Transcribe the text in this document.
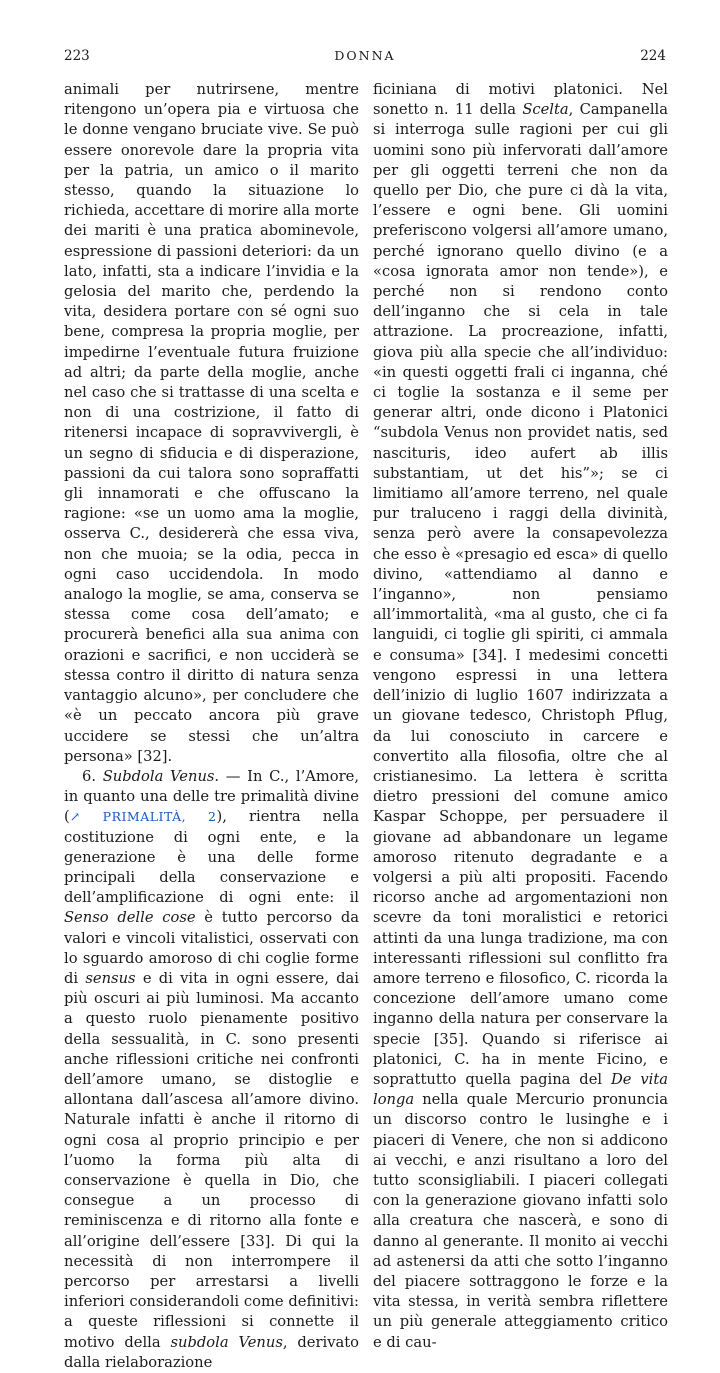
223	DONNA	224

animali per nutrirsene, mentre ritengono un’opera pia e virtuosa che le donne vengano bruciate vive. Se può essere onorevole dare la propria vita per la patria, un amico o il marito stesso, quando la situazione lo richieda, accettare di morire alla morte dei mariti è una pratica abominevole, espressione di passioni deteriori: da un lato, infatti, sta a indicare l’invidia e la gelosia del marito che, perdendo la vita, desidera portare con sé ogni suo bene, compresa la propria moglie, per impedirne l’eventuale futura fruizione ad altri; da parte della moglie, anche nel caso che si trattasse di una scelta e non di una costrizione, il fatto di ritenersi incapace di sopravvivergli, è un segno di sfiducia e di disperazione, passioni da cui talora sono sopraffatti gli innamorati e che offuscano la ragione: «se un uomo ama la moglie, osserva C., desidererà che essa viva, non che muoia; se la odia, pecca in ogni caso uccidendola. In modo analogo la moglie, se ama, conserva se stessa come cosa dell’amato; e procurerà benefici alla sua anima con orazioni e sacrifici, e non ucciderà se stessa contro il diritto di natura senza vantaggio alcuno», per concludere che «è un peccato ancora più grave uccidere se stessi che un’altra persona» [32].

6. Subdola Venus. — In C., l’Amore, in quanto una delle tre primalità divine (↗ PRIMALITÀ, 2), rientra nella costituzione di ogni ente, e la generazione è una delle forme principali della conservazione e dell’amplificazione di ogni ente: il Senso delle cose è tutto percorso da valori e vincoli vitalistici, osservati con lo sguardo amoroso di chi coglie forme di sensus e di vita in ogni essere, dai più oscuri ai più luminosi. Ma accanto a questo ruolo pienamente positivo della sessualità, in C. sono presenti anche riflessioni critiche nei confronti dell’amore umano, se distoglie e allontana dall’ascesa all’amore divino. Naturale infatti è anche il ritorno di ogni cosa al proprio principio e per l’uomo la forma più alta di conservazione è quella in Dio, che consegue a un processo di reminiscenza e di ritorno alla fonte e all’origine dell’essere [33]. Di qui la necessità di non interrompere il percorso per arrestarsi a livelli inferiori considerandoli come definitivi: a queste riflessioni si connette il motivo della subdola Venus, derivato dalla rielaborazione

ficiniana di motivi platonici. Nel sonetto n. 11 della Scelta, Campanella si interroga sulle ragioni per cui gli uomini sono più infervorati dall’amore per gli oggetti terreni che non da quello per Dio, che pure ci dà la vita, l’essere e ogni bene. Gli uomini preferiscono volgersi all’amore umano, perché ignorano quello divino (e a «cosa ignorata amor non tende»), e perché non si rendono conto dell’inganno che si cela in tale attrazione. La procreazione, infatti, giova più alla specie che all’individuo: «in questi oggetti frali ci inganna, ché ci toglie la sostanza e il seme per generar altri, onde dicono i Platonici “subdola Venus non providet natis, sed nascituris, ideo aufert ab illis substantiam, ut det his”»; se ci limitiamo all’amore terreno, nel quale pur traluceno i raggi della divinità, senza però avere la consapevolezza che esso è «presagio ed esca» di quello divino, «attendiamo al danno e l’inganno», non pensiamo all’immortalità, «ma al gusto, che ci fa languidi, ci toglie gli spiriti, ci ammala e consuma» [34]. I medesimi concetti vengono espressi in una lettera dell’inizio di luglio 1607 indirizzata a un giovane tedesco, Christoph Pflug, da lui conosciuto in carcere e convertito alla filosofia, oltre che al cristianesimo. La lettera è scritta dietro pressioni del comune amico Kaspar Schoppe, per persuadere il giovane ad abbandonare un legame amoroso ritenuto degradante e a volgersi a più alti propositi. Facendo ricorso anche ad argomentazioni non scevre da toni moralistici e retorici attinti da una lunga tradizione, ma con interessanti riflessioni sul conflitto fra amore terreno e filosofico, C. ricorda la concezione dell’amore umano come inganno della natura per conservare la specie [35]. Quando si riferisce ai platonici, C. ha in mente Ficino, e soprattutto quella pagina del De vita longa nella quale Mercurio pronuncia un discorso contro le lusinghe e i piaceri di Venere, che non si addicono ai vecchi, e anzi risultano a loro del tutto sconsigliabili. I piaceri collegati con la generazione giovano infatti solo alla creatura che nascerà, e sono di danno al generante. Il monito ai vecchi ad astenersi da atti che sotto l’inganno del piacere sottraggono le forze e la vita stessa, in verità sembra riflettere un più generale atteggiamento critico e di cau-
